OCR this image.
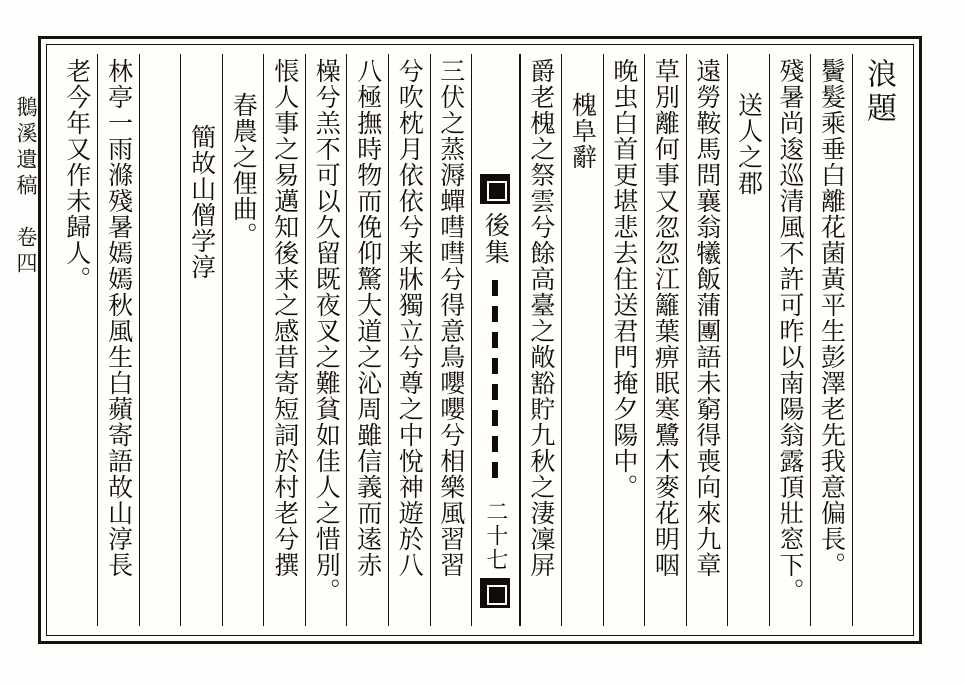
鵝溪遺稿　卷四
浪題
鬢髮乘垂白離花菌黃平生彭澤老先我意偏長。
殘暑尚逡巡清風不許可昨以南陽翁露頂壯窓下。
送人之郡
遠勞鞍馬問襄翁犧飯蒲團語未窮得喪向來九章
草別離何事又忽忽江籬葉痹眠寒鷺木麥花明咽
晚虫白首更堪悲去住送君門掩夕陽中。
槐阜辭
爵老槐之祭雲兮餘高臺之敞豁貯九秋之淒凜屏
後集
二十七
三伏之蒸溽蟬嘒嘒兮得意鳥嚶嚶兮相樂風習習
兮吹枕月依依兮来牀獨立兮尊之中悅神遊於八
八極撫時物而俛仰驚大道之沁周雖信義而逺赤
橾兮羔不可以久留既夜叉之難貧如佳人之惜別。
悵人事之易邁知後来之感昔寄短詞於村老兮撰
春農之俚曲。
簡故山僧学淳
林亭一雨滌殘暑嫣嫣秋風生白蘋寄語故山淳長
老今年又作未歸人。
